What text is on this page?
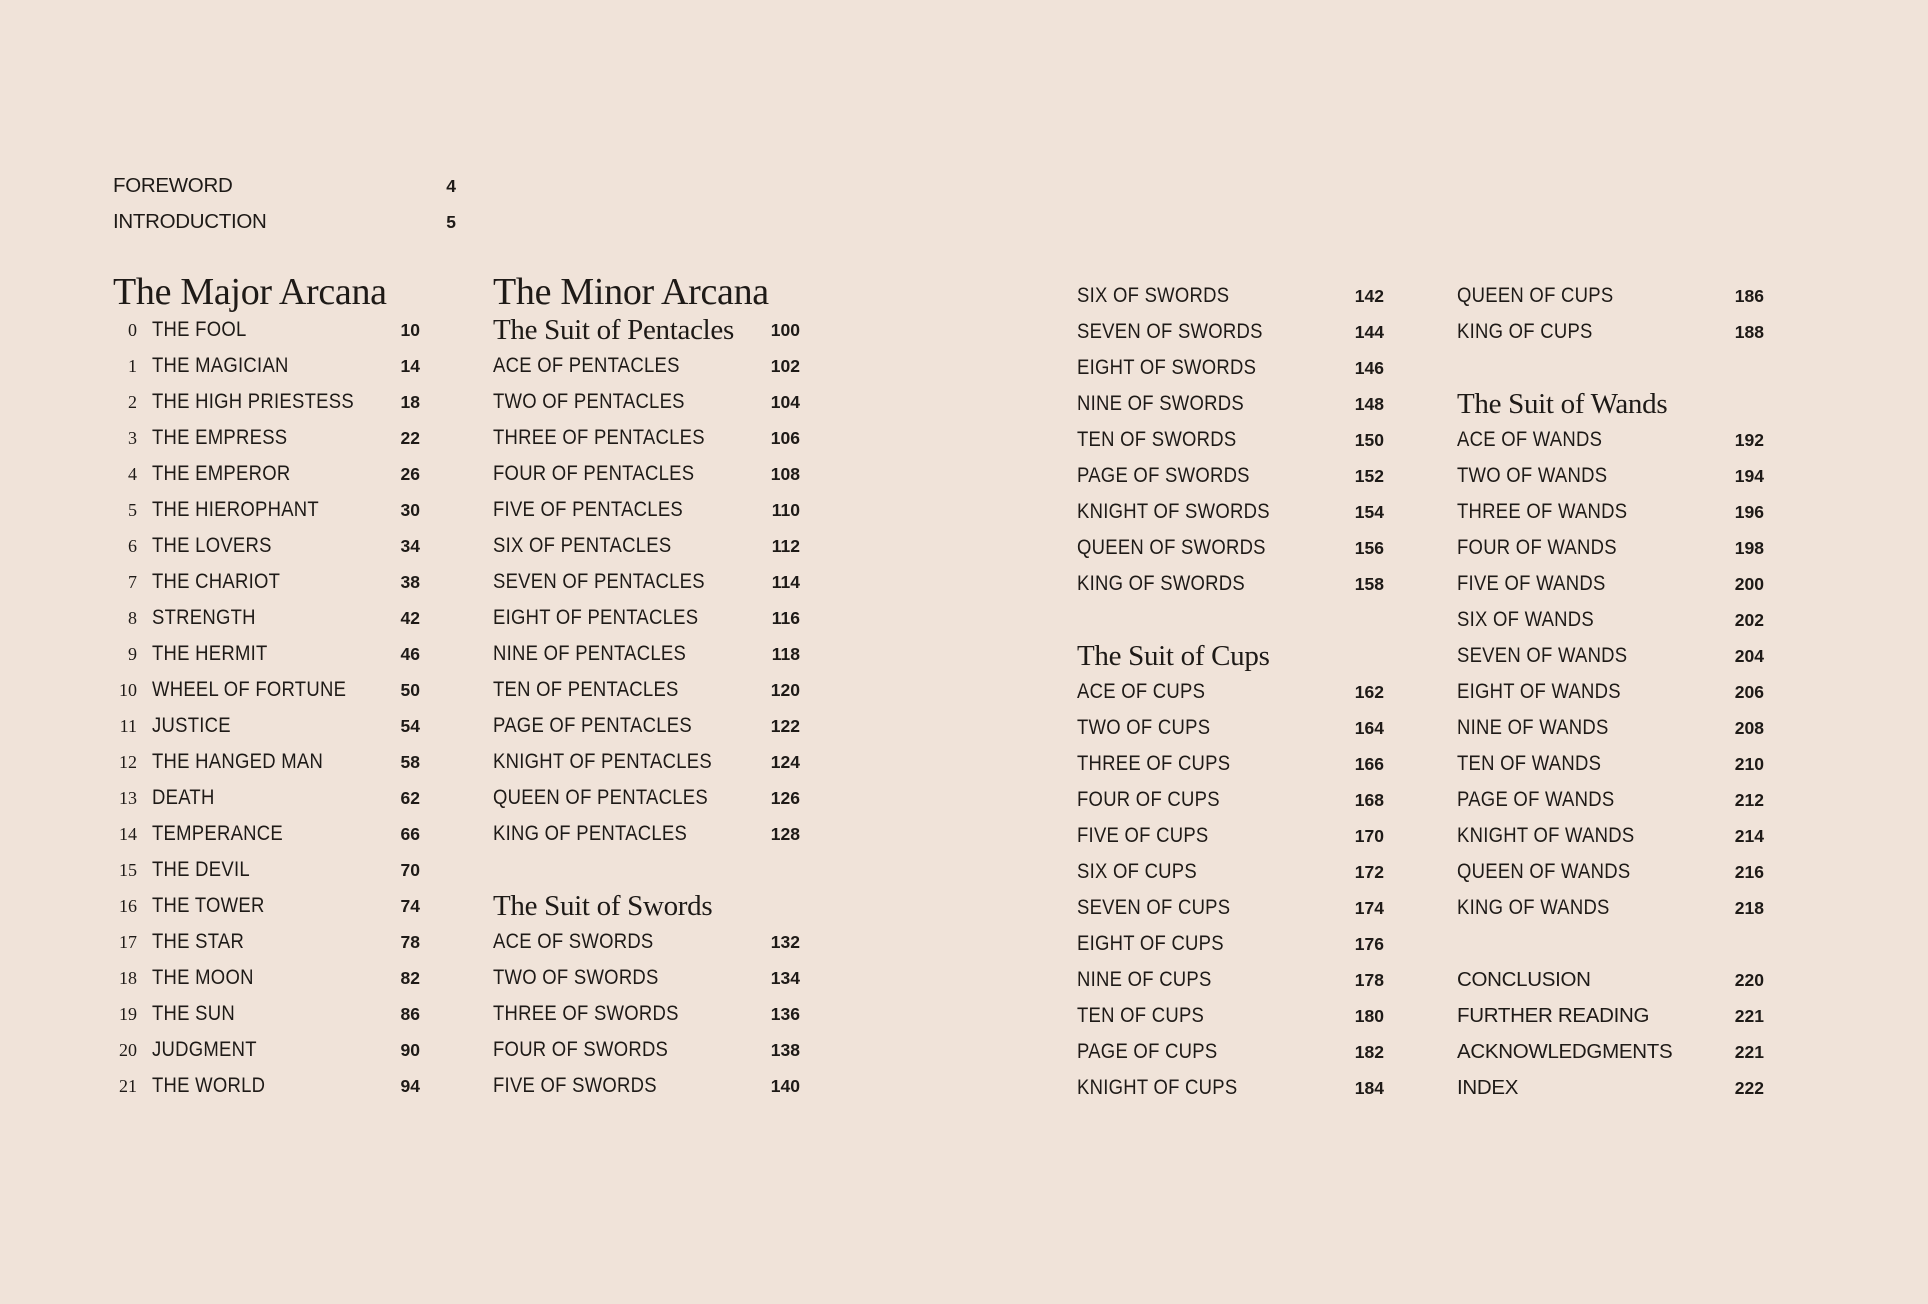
FOREWORD	4
INTRODUCTION	5
The Major Arcana
0 THE FOOL	10
1 THE MAGICIAN	14
2 THE HIGH PRIESTESS	18
3 THE EMPRESS	22
4 THE EMPEROR	26
5 THE HIEROPHANT	30
6 THE LOVERS	34
7 THE CHARIOT	38
8 STRENGTH	42
9 THE HERMIT	46
10 WHEEL OF FORTUNE	50
11 JUSTICE	54
12 THE HANGED MAN	58
13 DEATH	62
14 TEMPERANCE	66
15 THE DEVIL	70
16 THE TOWER	74
17 THE STAR	78
18 THE MOON	82
19 THE SUN	86
20 JUDGMENT	90
21 THE WORLD	94
The Minor Arcana
The Suit of Pentacles 100
ACE OF PENTACLES	102
TWO OF PENTACLES	104
THREE OF PENTACLES	106
FOUR OF PENTACLES	108
FIVE OF PENTACLES	110
SIX OF PENTACLES	112
SEVEN OF PENTACLES	114
EIGHT OF PENTACLES	116
NINE OF PENTACLES	118
TEN OF PENTACLES	120
PAGE OF PENTACLES	122
KNIGHT OF PENTACLES	124
QUEEN OF PENTACLES	126
KING OF PENTACLES	128
The Suit of Swords
ACE OF SWORDS	132
TWO OF SWORDS	134
THREE OF SWORDS	136
FOUR OF SWORDS	138
FIVE OF SWORDS	140
SIX OF SWORDS	142
SEVEN OF SWORDS	144
EIGHT OF SWORDS	146
NINE OF SWORDS	148
TEN OF SWORDS	150
PAGE OF SWORDS	152
KNIGHT OF SWORDS	154
QUEEN OF SWORDS	156
KING OF SWORDS	158
The Suit of Cups
ACE OF CUPS	162
TWO OF CUPS	164
THREE OF CUPS	166
FOUR OF CUPS	168
FIVE OF CUPS	170
SIX OF CUPS	172
SEVEN OF CUPS	174
EIGHT OF CUPS	176
NINE OF CUPS	178
TEN OF CUPS	180
PAGE OF CUPS	182
KNIGHT OF CUPS	184
QUEEN OF CUPS	186
KING OF CUPS	188
The Suit of Wands
ACE OF WANDS	192
TWO OF WANDS	194
THREE OF WANDS	196
FOUR OF WANDS	198
FIVE OF WANDS	200
SIX OF WANDS	202
SEVEN OF WANDS	204
EIGHT OF WANDS	206
NINE OF WANDS	208
TEN OF WANDS	210
PAGE OF WANDS	212
KNIGHT OF WANDS	214
QUEEN OF WANDS	216
KING OF WANDS	218
CONCLUSION	220
FURTHER READING	221
ACKNOWLEDGMENTS	221
INDEX	222
